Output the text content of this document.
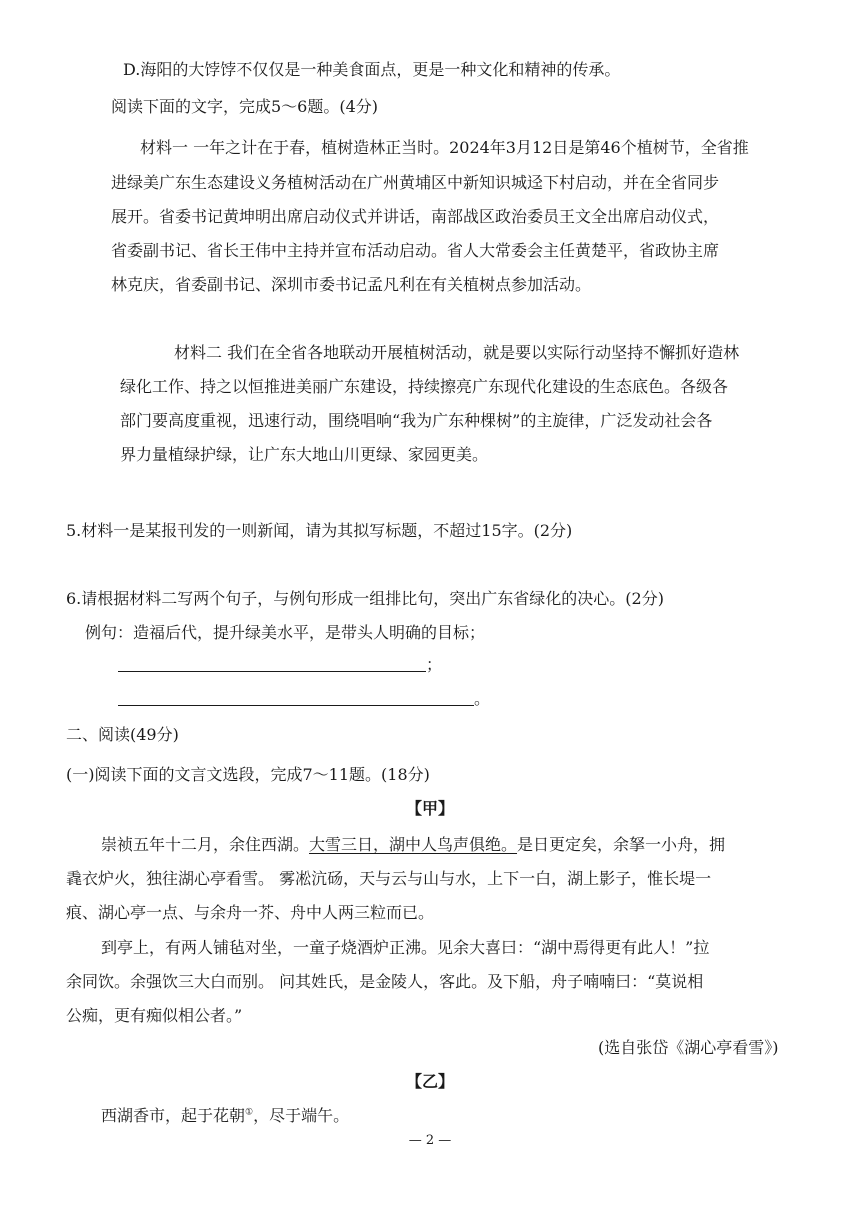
D.海阳的大饽饽不仅仅是一种美食面点，更是一种文化和精神的传承。
阅读下面的文字，完成5～6题。(4分)
材料一 一年之计在于春，植树造林正当时。2024年3月12日是第46个植树节，全省推
进绿美广东生态建设义务植树活动在广州黄埔区中新知识城迳下村启动，并在全省同步
展开。省委书记黄坤明出席启动仪式并讲话，南部战区政治委员王文全出席启动仪式，
省委副书记、省长王伟中主持并宣布活动启动。省人大常委会主任黄楚平，省政协主席
林克庆，省委副书记、深圳市委书记孟凡利在有关植树点参加活动。
材料二 我们在全省各地联动开展植树活动，就是要以实际行动坚持不懈抓好造林
绿化工作、持之以恒推进美丽广东建设，持续擦亮广东现代化建设的生态底色。各级各
部门要高度重视，迅速行动，围绕唱响“我为广东种棵树”的主旋律，广泛发动社会各
界力量植绿护绿，让广东大地山川更绿、家园更美。
5.材料一是某报刊发的一则新闻，请为其拟写标题，不超过15字。(2分)
6.请根据材料二写两个句子，与例句形成一组排比句，突出广东省绿化的决心。(2分)
例句：造福后代，提升绿美水平，是带头人明确的目标；
；
。
二、阅读(49分)
(一)阅读下面的文言文选段，完成7～11题。(18分)
【甲】
崇祯五年十二月，余住西湖。大雪三日，湖中人鸟声俱绝。是日更定矣，余拏一小舟，拥
毳衣炉火，独往湖心亭看雪。 雾凇沆砀，天与云与山与水，上下一白，湖上影子，惟长堤一
痕、湖心亭一点、与余舟一芥、舟中人两三粒而已。
到亭上，有两人铺毡对坐，一童子烧酒炉正沸。见余大喜曰：“湖中焉得更有此人！”拉
余同饮。余强饮三大白而别。 问其姓氏，是金陵人，客此。及下船，舟子喃喃曰：“莫说相
公痴，更有痴似相公者。”
(选自张岱《湖心亭看雪》)
【乙】
西湖香市，起于花朝①，尽于端午。
— 2 —
